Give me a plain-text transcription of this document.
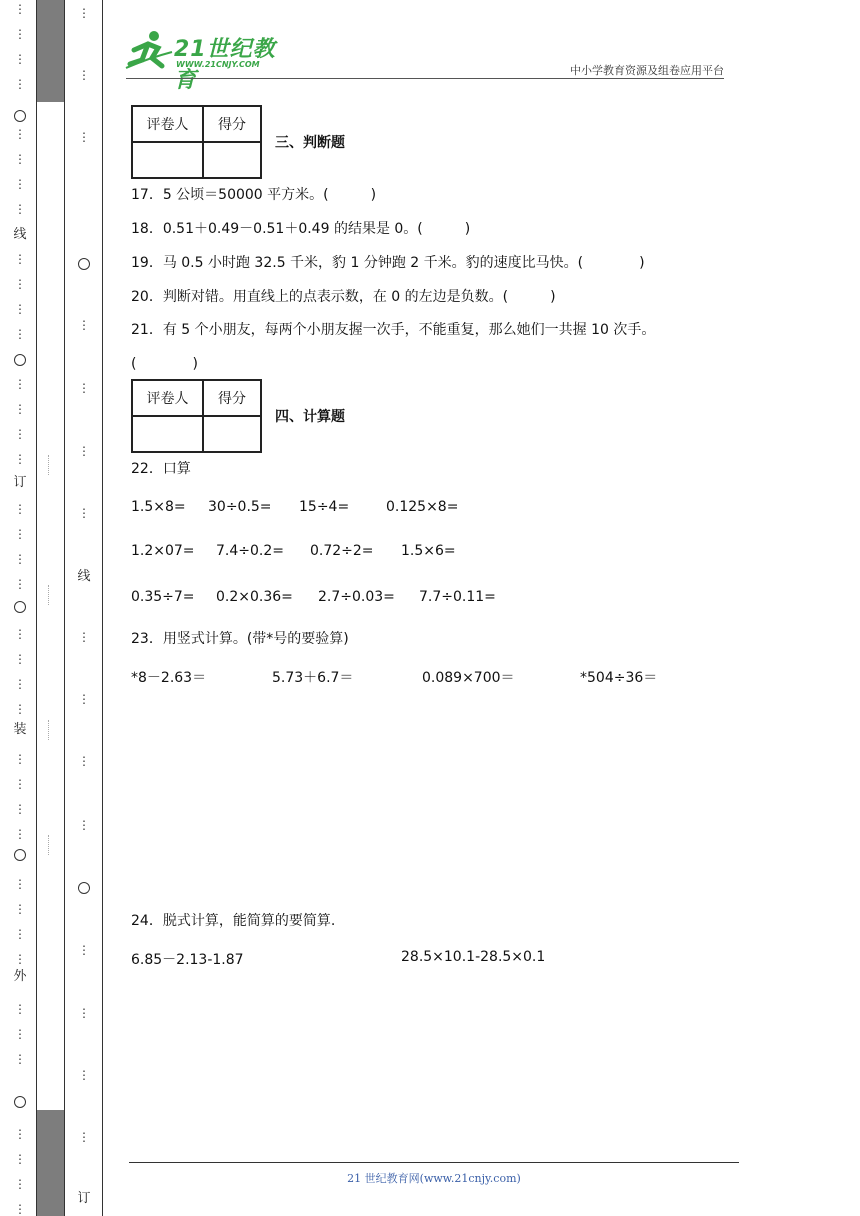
⋮
⋮
⋮
⋮
⋮
⋮
⋮
⋮
⋮
⋮
⋮
⋮
⋮
⋮
⋮
⋮
⋮
⋮
⋮
⋮
⋮
⋮
⋮
⋮
⋮
⋮
⋮
⋮
⋮
⋮
⋮
⋮
⋮
⋮
⋮
⋮
⋮
⋮
⋮
⋮
⋮
⋮
⋮
⋮
⋮
⋮
⋮
⋮
⋮
⋮
⋮
⋮
⋮
⋮
线
订
装
外
线
订
21世纪教育
WWW.21CNJY.COM	中小学教育资源及组卷应用平台
评卷人	得分

三、判断题
17．5 公顷＝50000 平方米。(　　　)
18．0.51＋0.49－0.51＋0.49 的结果是 0。(　　　)
19．马 0.5 小时跑 32.5 千米，豹 1 分钟跑 2 千米。豹的速度比马快。(　　　　)
20．判断对错。用直线上的点表示数，在 0 的左边是负数。(　　　)
21．有 5 个小朋友，每两个小朋友握一次手，不能重复，那么她们一共握 10 次手。
(　　　　)
评卷人	得分

四、计算题
22．口算
1.5×8= 30÷0.5= 15÷4=	0.125×8=
1.2×07= 7.4÷0.2= 0.72÷2= 1.5×6=
0.35÷7= 0.2×0.36= 2.7÷0.03= 7.7÷0.11=
23．用竖式计算。(带*号的要验算)
*8－2.63＝	5.73＋6.7＝	0.089×700＝	*504÷36＝
24．脱式计算，能简算的要简算.
6.85－2.13-1.87	28.5×10.1-28.5×0.1
21 世纪教育网(www.21cnjy.com)
